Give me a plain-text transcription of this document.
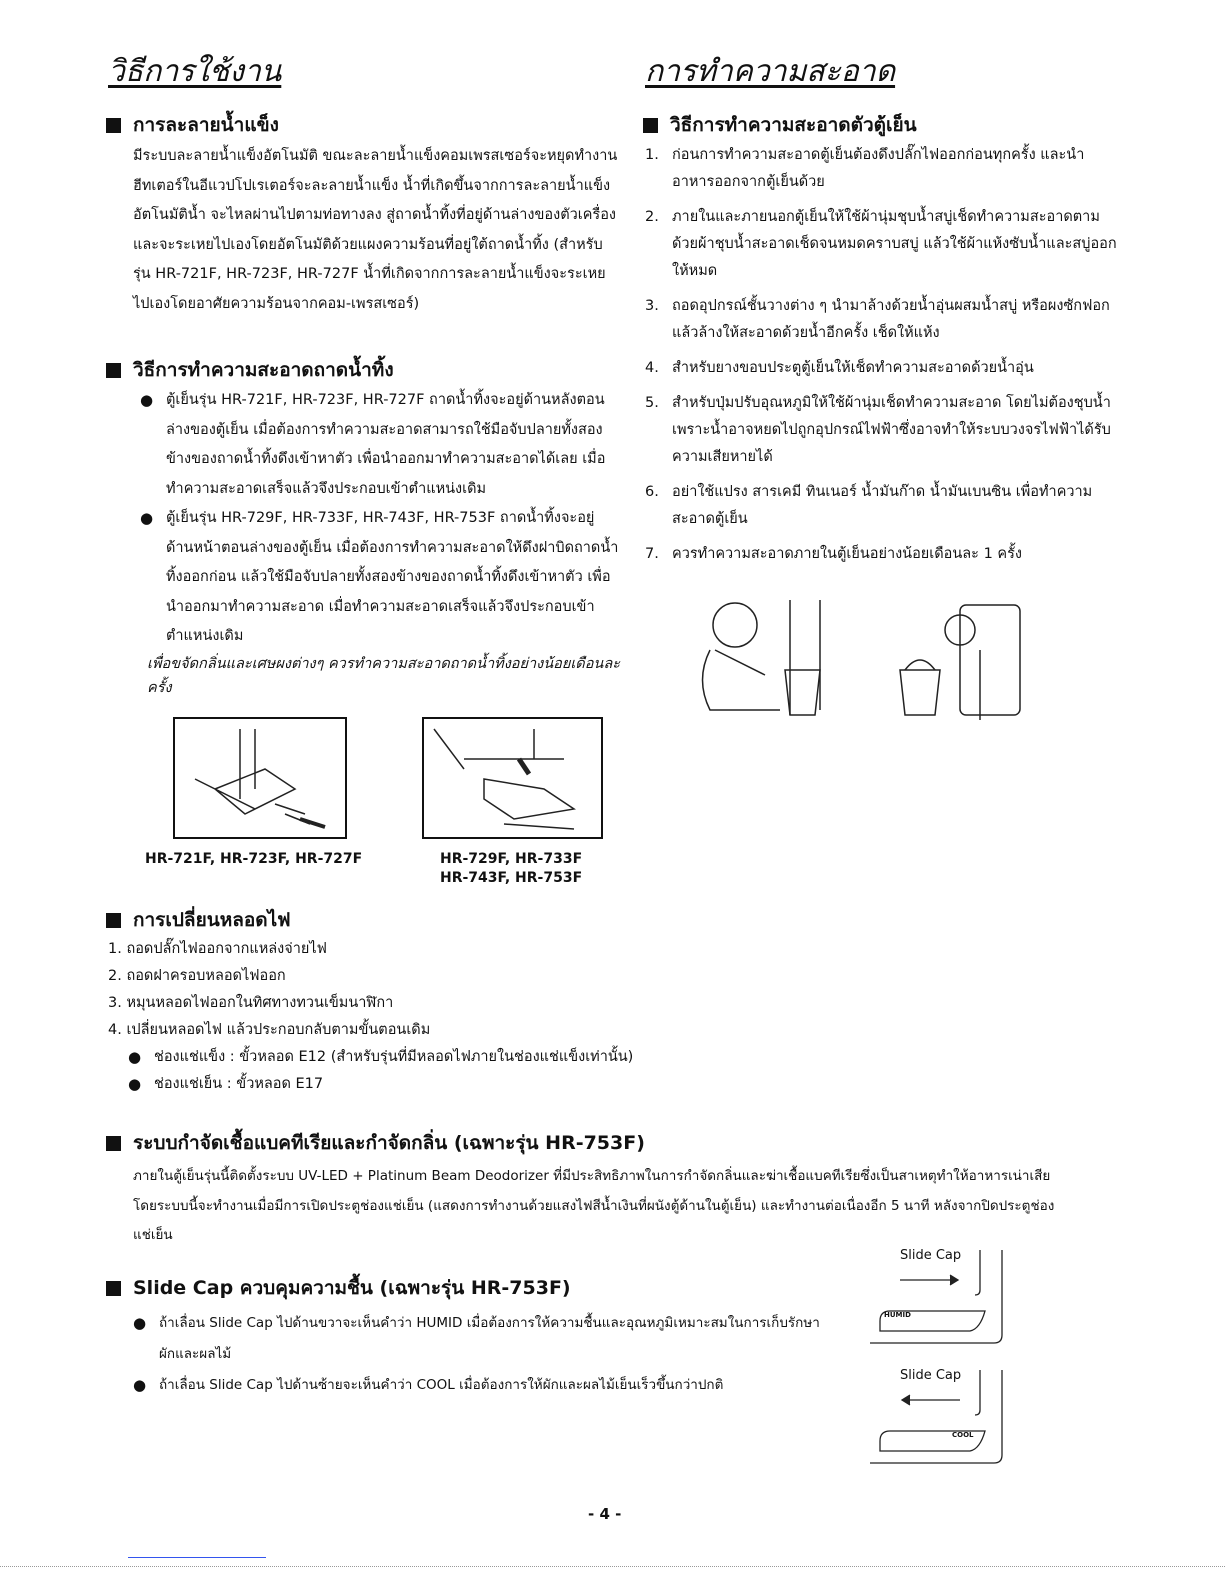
วิธีการใช้งาน	การทำความสะอาด
การละลายน้ำแข็ง
มีระบบละลายน้ำแข็งอัตโนมัติ ขณะละลายน้ำแข็งคอมเพรสเซอร์จะหยุดทำงาน ฮีทเตอร์ในอีแวปโปเรเตอร์จะละลายน้ำแข็ง น้ำที่เกิดขึ้นจากการละลายน้ำแข็งอัตโนมัติน้ำ จะไหลผ่านไปตามท่อทางลง สู่ถาดน้ำทิ้งที่อยู่ด้านล่างของตัวเครื่องและจะระเหยไปเองโดยอัตโนมัติด้วยแผงความร้อนที่อยู่ใต้ถาดน้ำทิ้ง (สำหรับรุ่น HR-721F, HR-723F, HR-727F น้ำที่เกิดจากการละลายน้ำแข็งจะระเหยไปเองโดยอาศัยความร้อนจากคอม-เพรสเซอร์)
วิธีการทำความสะอาดถาดน้ำทิ้ง
● ตู้เย็นรุ่น HR-721F, HR-723F, HR-727F ถาดน้ำทิ้งจะอยู่ด้านหลังตอนล่างของตู้เย็น เมื่อต้องการทำความสะอาดสามารถใช้มือจับปลายทั้งสองข้างของถาดน้ำทิ้งดึงเข้าหาตัว เพื่อนำออกมาทำความสะอาดได้เลย เมื่อทำความสะอาดเสร็จแล้วจึงประกอบเข้าตำแหน่งเดิม
● ตู้เย็นรุ่น HR-729F, HR-733F, HR-743F, HR-753F ถาดน้ำทิ้งจะอยู่ด้านหน้าตอนล่างของตู้เย็น เมื่อต้องการทำความสะอาดให้ดึงฝาบิดถาดน้ำทิ้งออกก่อน แล้วใช้มือจับปลายทั้งสองข้างของถาดน้ำทิ้งดึงเข้าหาตัว เพื่อนำออกมาทำความสะอาด เมื่อทำความสะอาดเสร็จแล้วจึงประกอบเข้าตำแหน่งเดิม
เพื่อขจัดกลิ่นและเศษผงต่างๆ ควรทำความสะอาดถาดน้ำทิ้งอย่างน้อยเดือนละครั้ง
HR-721F, HR-723F, HR-727F	HR-729F, HR-733F
HR-743F, HR-753F
การเปลี่ยนหลอดไฟ
1. ถอดปลั๊กไฟออกจากแหล่งจ่ายไฟ
2. ถอดฝาครอบหลอดไฟออก
3. หมุนหลอดไฟออกในทิศทางทวนเข็มนาฬิกา
4. เปลี่ยนหลอดไฟ แล้วประกอบกลับตามขั้นตอนเดิม
● ช่องแช่แข็ง : ขั้วหลอด E12 (สำหรับรุ่นที่มีหลอดไฟภายในช่องแช่แข็งเท่านั้น)
● ช่องแช่เย็น : ขั้วหลอด E17
วิธีการทำความสะอาดตัวตู้เย็น
1. ก่อนการทำความสะอาดตู้เย็นต้องดึงปลั๊กไฟออกก่อนทุกครั้ง และนำอาหารออกจากตู้เย็นด้วย
2. ภายในและภายนอกตู้เย็นให้ใช้ผ้านุ่มชุบน้ำสบู่เช็ดทำความสะอาดตามด้วยผ้าชุบน้ำสะอาดเช็ดจนหมดคราบสบู่ แล้วใช้ผ้าแห้งซับน้ำและสบู่ออกให้หมด
3. ถอดอุปกรณ์ชั้นวางต่าง ๆ นำมาล้างด้วยน้ำอุ่นผสมน้ำสบู่ หรือผงซักฟอก แล้วล้างให้สะอาดด้วยน้ำอีกครั้ง เช็ดให้แห้ง
4. สำหรับยางขอบประตูตู้เย็นให้เช็ดทำความสะอาดด้วยน้ำอุ่น
5. สำหรับปุ่มปรับอุณหภูมิให้ใช้ผ้านุ่มเช็ดทำความสะอาด โดยไม่ต้องชุบน้ำ เพราะน้ำอาจหยดไปถูกอุปกรณ์ไฟฟ้าซึ่งอาจทำให้ระบบวงจรไฟฟ้าได้รับความเสียหายได้
6. อย่าใช้แปรง สารเคมี ทินเนอร์ น้ำมันก๊าด น้ำมันเบนซิน เพื่อทำความสะอาดตู้เย็น
7. ควรทำความสะอาดภายในตู้เย็นอย่างน้อยเดือนละ 1 ครั้ง
ระบบกำจัดเชื้อแบคทีเรียและกำจัดกลิ่น (เฉพาะรุ่น HR-753F)
ภายในตู้เย็นรุ่นนี้ติดตั้งระบบ UV-LED + Platinum Beam Deodorizer ที่มีประสิทธิภาพในการกำจัดกลิ่นและฆ่าเชื้อแบคทีเรียซึ่งเป็นสาเหตุทำให้อาหารเน่าเสีย โดยระบบนี้จะทำงานเมื่อมีการเปิดประตูช่องแช่เย็น (แสดงการทำงานด้วยแสงไฟสีน้ำเงินที่ผนังตู้ด้านในตู้เย็น) และทำงานต่อเนื่องอีก 5 นาที หลังจากปิดประตูช่องแช่เย็น
Slide Cap ควบคุมความชื้น (เฉพาะรุ่น HR-753F)
● ถ้าเลื่อน Slide Cap ไปด้านขวาจะเห็นคำว่า HUMID เมื่อต้องการให้ความชื้นและอุณหภูมิเหมาะสมในการเก็บรักษาผักและผลไม้
● ถ้าเลื่อน Slide Cap ไปด้านซ้ายจะเห็นคำว่า COOL เมื่อต้องการให้ผักและผลไม้เย็นเร็วขึ้นกว่าปกติ
Slide Cap
HUMID
Slide Cap
COOL
- 4 -
